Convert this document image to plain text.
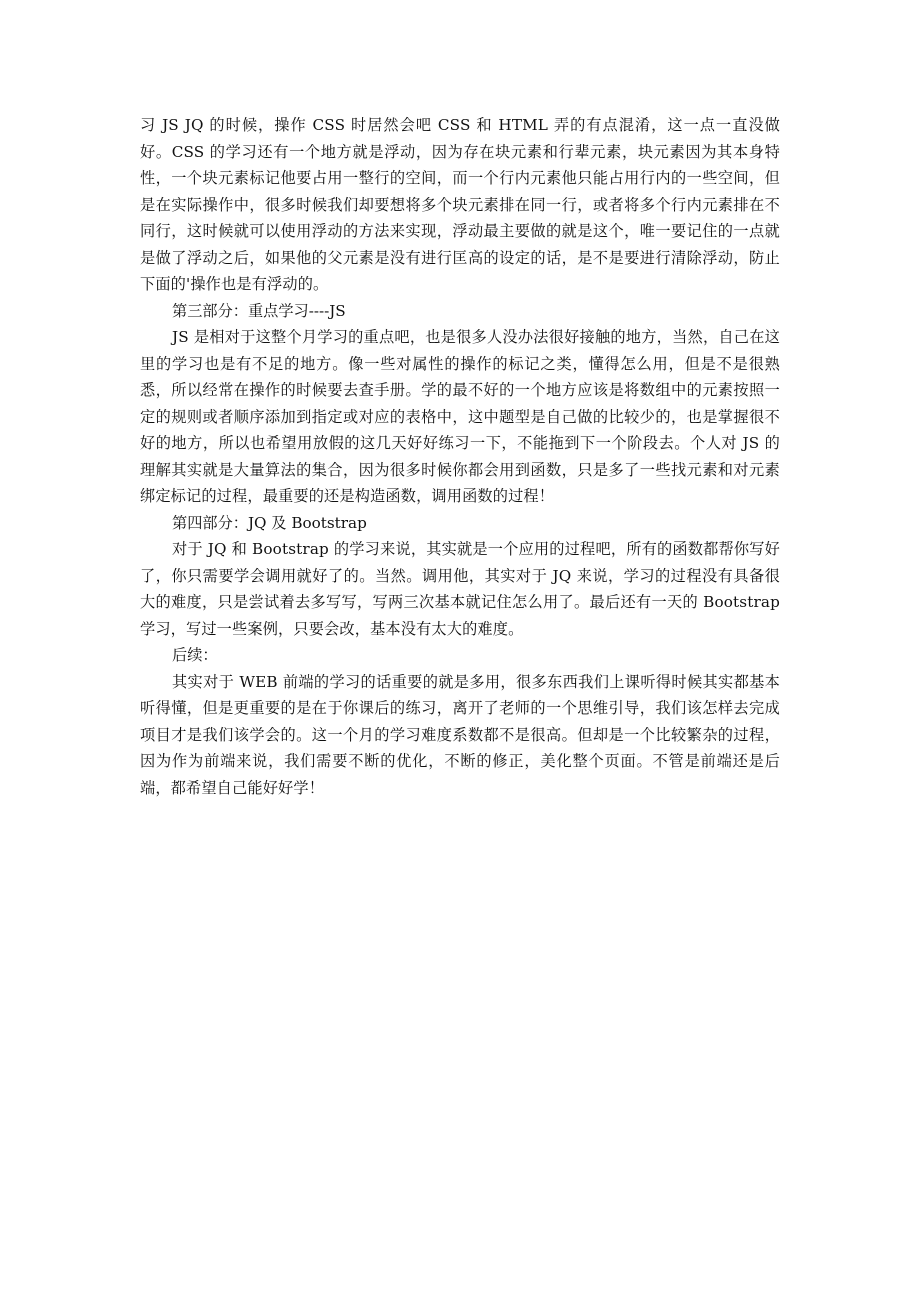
习 JS JQ 的时候，操作 CSS 时居然会吧 CSS 和 HTML 弄的有点混淆，这一点一直没做好。CSS 的学习还有一个地方就是浮动，因为存在块元素和行辈元素，块元素因为其本身特性，一个块元素标记他要占用一整行的空间，而一个行内元素他只能占用行内的一些空间，但是在实际操作中，很多时候我们却要想将多个块元素排在同一行，或者将多个行内元素排在不同行，这时候就可以使用浮动的方法来实现，浮动最主要做的就是这个，唯一要记住的一点就是做了浮动之后，如果他的父元素是没有进行匡高的设定的话，是不是要进行清除浮动，防止下面的'操作也是有浮动的。

第三部分：重点学习----JS

JS 是相对于这整个月学习的重点吧，也是很多人没办法很好接触的地方，当然，自己在这里的学习也是有不足的地方。像一些对属性的操作的标记之类，懂得怎么用，但是不是很熟悉，所以经常在操作的时候要去查手册。学的最不好的一个地方应该是将数组中的元素按照一定的规则或者顺序添加到指定或对应的表格中，这中题型是自己做的比较少的，也是掌握很不好的地方，所以也希望用放假的这几天好好练习一下，不能拖到下一个阶段去。个人对 JS 的理解其实就是大量算法的集合，因为很多时候你都会用到函数，只是多了一些找元素和对元素绑定标记的过程，最重要的还是构造函数，调用函数的过程！

第四部分：JQ 及 Bootstrap

对于 JQ 和 Bootstrap 的学习来说，其实就是一个应用的过程吧，所有的函数都帮你写好了，你只需要学会调用就好了的。当然。调用他，其实对于 JQ 来说，学习的过程没有具备很大的难度，只是尝试着去多写写，写两三次基本就记住怎么用了。最后还有一天的 Bootstrap 学习，写过一些案例，只要会改，基本没有太大的难度。

后续：

其实对于 WEB 前端的学习的话重要的就是多用，很多东西我们上课听得时候其实都基本听得懂，但是更重要的是在于你课后的练习，离开了老师的一个思维引导，我们该怎样去完成项目才是我们该学会的。这一个月的学习难度系数都不是很高。但却是一个比较繁杂的过程，因为作为前端来说，我们需要不断的优化，不断的修正，美化整个页面。不管是前端还是后端，都希望自己能好好学！
